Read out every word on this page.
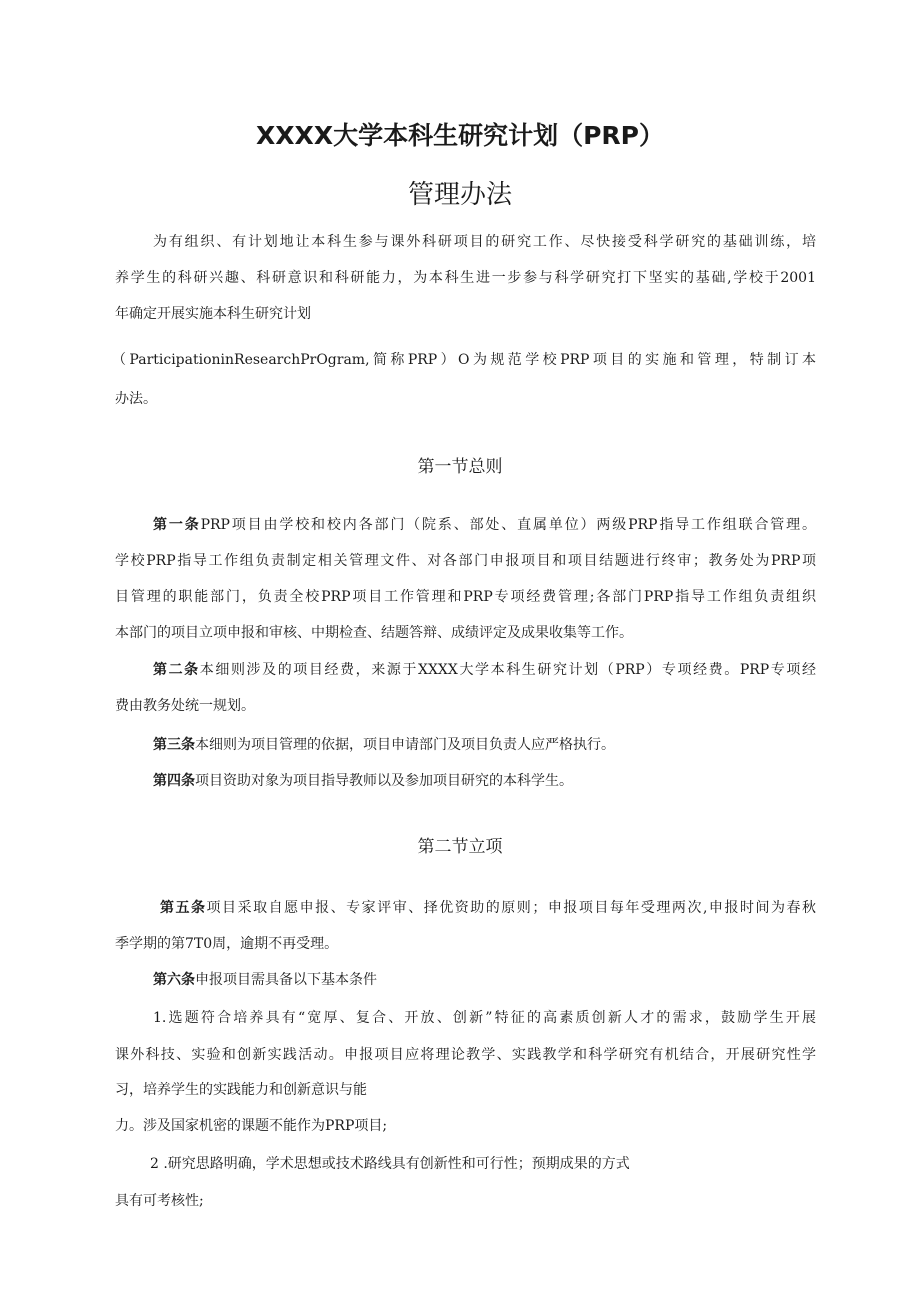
XXXX大学本科生研究计划（PRP）
管理办法
为有组织、有计划地让本科生参与课外科研项目的研究工作、尽快接受科学研究的基础训练，培
养学生的科研兴趣、科研意识和科研能力，为本科生进一步参与科学研究打下坚实的基础,学校于2001
年确定开展实施本科生研究计划
（ParticipationinResearchPrOgram,简称PRP）O为规范学校PRP项目的实施和管理，特制订本
办法。
第一节总则
第一条PRP项目由学校和校内各部门（院系、部处、直属单位）两级PRP指导工作组联合管理。
学校PRP指导工作组负责制定相关管理文件、对各部门申报项目和项目结题进行终审；教务处为PRP项
目管理的职能部门，负责全校PRP项目工作管理和PRP专项经费管理;各部门PRP指导工作组负责组织
本部门的项目立项申报和审核、中期检查、结题答辩、成绩评定及成果收集等工作。
第二条本细则涉及的项目经费，来源于XXXX大学本科生研究计划（PRP）专项经费。PRP专项经
费由教务处统一规划。
第三条本细则为项目管理的依据，项目申请部门及项目负责人应严格执行。
第四条项目资助对象为项目指导教师以及参加项目研究的本科学生。
第二节立项
第五条项目采取自愿申报、专家评审、择优资助的原则；申报项目每年受理两次,申报时间为春秋
季学期的第7T0周，逾期不再受理。
第六条申报项目需具备以下基本条件
1.选题符合培养具有“宽厚、复合、开放、创新”特征的高素质创新人才的需求，鼓励学生开展
课外科技、实验和创新实践活动。申报项目应将理论教学、实践教学和科学研究有机结合，开展研究性学
习，培养学生的实践能力和创新意识与能
力。涉及国家机密的课题不能作为PRP项目;
2 .研究思路明确，学术思想或技术路线具有创新性和可行性；预期成果的方式
具有可考核性;
